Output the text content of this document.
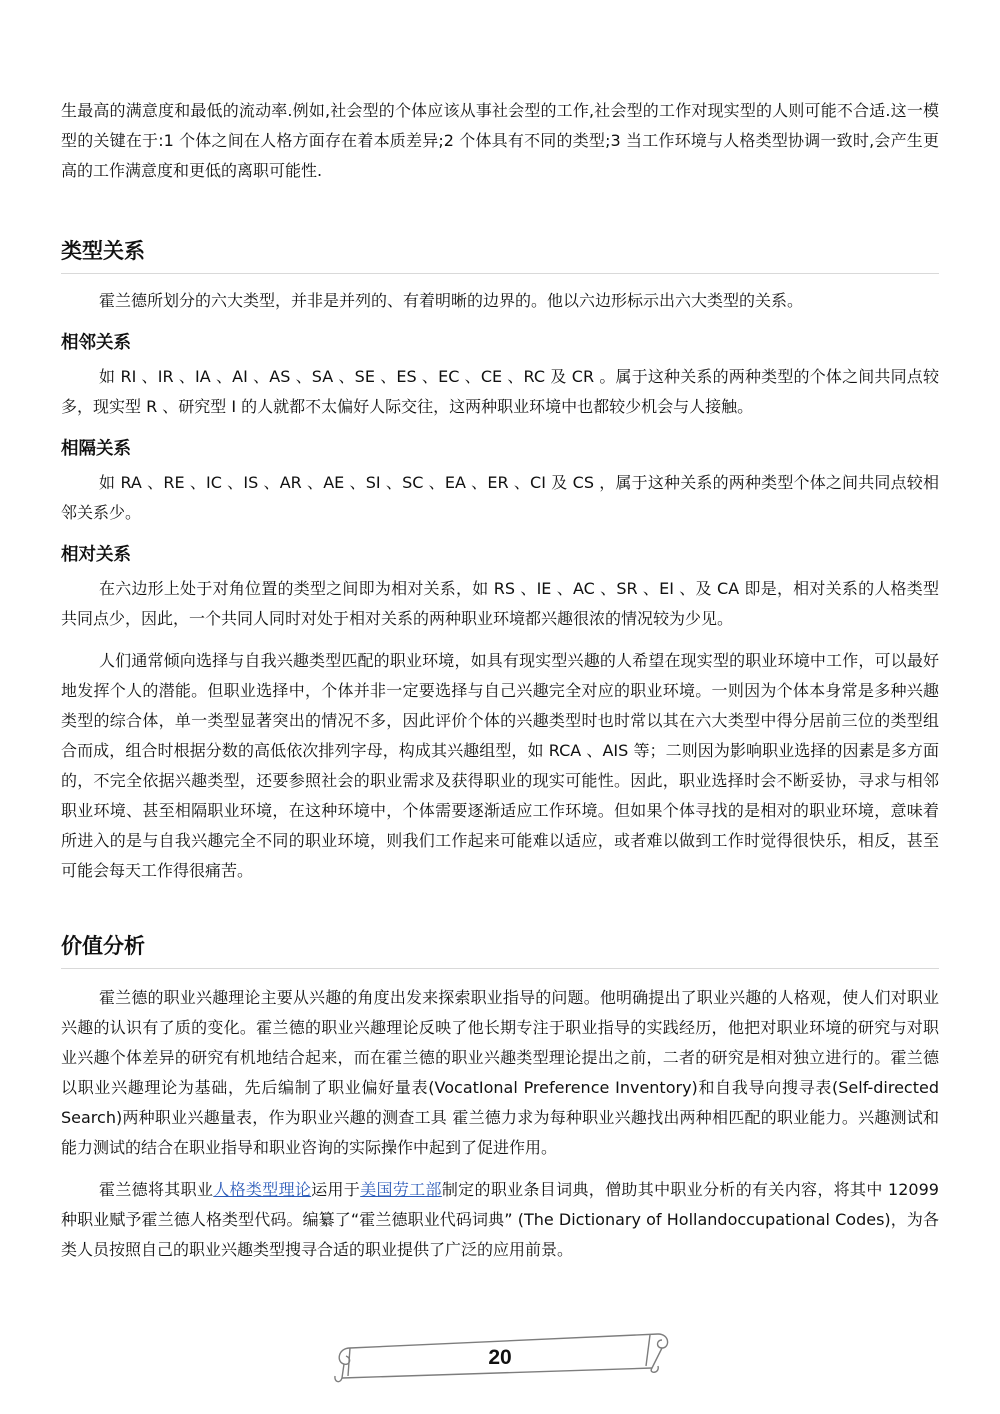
生最高的满意度和最低的流动率.例如,社会型的个体应该从事社会型的工作,社会型的工作对现实型的人则可能不合适.这一模型的关键在于:1 个体之间在人格方面存在着本质差异;2 个体具有不同的类型;3 当工作环境与人格类型协调一致时,会产生更高的工作满意度和更低的离职可能性.

类型关系

霍兰德所划分的六大类型，并非是并列的、有着明晰的边界的。他以六边形标示出六大类型的关系。

相邻关系

如 RI 、IR 、IA 、AI 、AS 、SA 、SE 、ES 、EC 、CE 、RC 及 CR 。属于这种关系的两种类型的个体之间共同点较多，现实型 R 、研究型 I 的人就都不太偏好人际交往，这两种职业环境中也都较少机会与人接触。

相隔关系

如 RA 、RE 、IC 、IS 、AR 、AE 、SI 、SC 、EA 、ER 、CI 及 CS ，属于这种关系的两种类型个体之间共同点较相邻关系少。

相对关系

在六边形上处于对角位置的类型之间即为相对关系，如 RS 、IE 、AC 、SR 、EI 、及 CA 即是，相对关系的人格类型共同点少，因此，一个共同人同时对处于相对关系的两种职业环境都兴趣很浓的情况较为少见。

人们通常倾向选择与自我兴趣类型匹配的职业环境，如具有现实型兴趣的人希望在现实型的职业环境中工作，可以最好地发挥个人的潜能。但职业选择中，个体并非一定要选择与自己兴趣完全对应的职业环境。一则因为个体本身常是多种兴趣类型的综合体，单一类型显著突出的情况不多，因此评价个体的兴趣类型时也时常以其在六大类型中得分居前三位的类型组合而成，组合时根据分数的高低依次排列字母，构成其兴趣组型，如 RCA 、AIS 等；二则因为影响职业选择的因素是多方面的，不完全依据兴趣类型，还要参照社会的职业需求及获得职业的现实可能性。因此，职业选择时会不断妥协，寻求与相邻职业环境、甚至相隔职业环境，在这种环境中，个体需要逐渐适应工作环境。但如果个体寻找的是相对的职业环境，意味着所进入的是与自我兴趣完全不同的职业环境，则我们工作起来可能难以适应，或者难以做到工作时觉得很快乐，相反，甚至可能会每天工作得很痛苦。

价值分析

霍兰德的职业兴趣理论主要从兴趣的角度出发来探索职业指导的问题。他明确提出了职业兴趣的人格观，使人们对职业兴趣的认识有了质的变化。霍兰德的职业兴趣理论反映了他长期专注于职业指导的实践经历，他把对职业环境的研究与对职业兴趣个体差异的研究有机地结合起来，而在霍兰德的职业兴趣类型理论提出之前，二者的研究是相对独立进行的。霍兰德以职业兴趣理论为基础，先后编制了职业偏好量表(VocatIonal Preference Inventory)和自我导向搜寻表(Self-directed Search)两种职业兴趣量表，作为职业兴趣的测查工具 霍兰德力求为每种职业兴趣找出两种相匹配的职业能力。兴趣测试和能力测试的结合在职业指导和职业咨询的实际操作中起到了促进作用。

霍兰德将其职业人格类型理论运用于美国劳工部制定的职业条目词典，僧助其中职业分析的有关内容，将其中 12099 种职业赋予霍兰德人格类型代码。编纂了“霍兰德职业代码词典” (The Dictionary of Hollandoccupational Codes)，为各类人员按照自己的职业兴趣类型搜寻合适的职业提供了广泛的应用前景。

20
